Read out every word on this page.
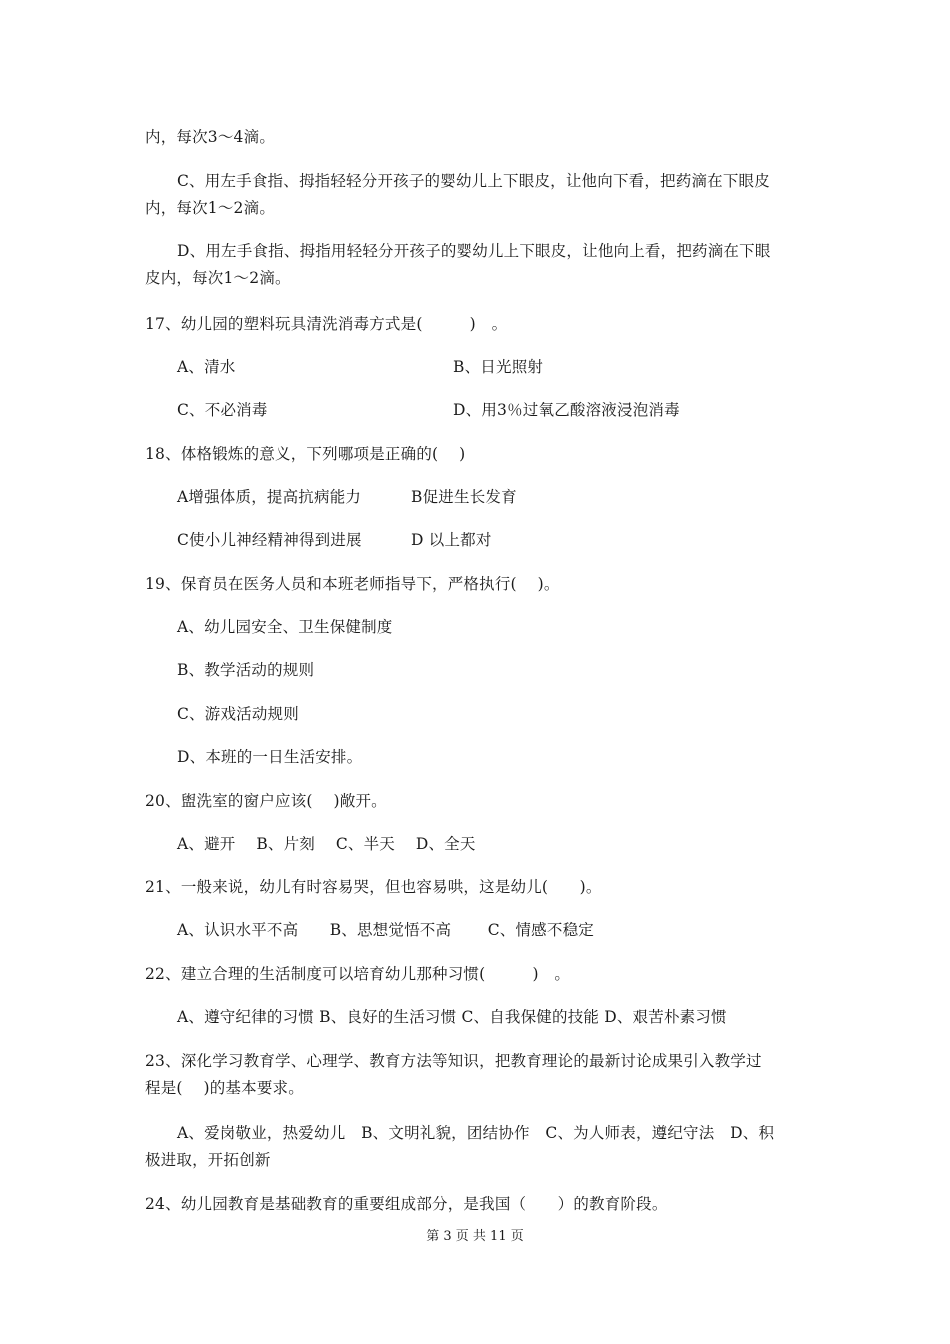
内，每次3～4滴。
C、用左手食指、拇指轻轻分开孩子的婴幼儿上下眼皮，让他向下看，把药滴在下眼皮
内，每次1～2滴。
D、用左手食指、拇指用轻轻分开孩子的婴幼儿上下眼皮，让他向上看，把药滴在下眼
皮内，每次1～2滴。
17、幼儿园的塑料玩具清洗消毒方式是(　　　)　。
A、清水	B、日光照射
C、不必消毒	D、用3％过氧乙酸溶液浸泡消毒
18、体格锻炼的意义，下列哪项是正确的(　 )
A增强体质，提高抗病能力	B促进生长发育
C使小儿神经精神得到进展	D 以上都对
19、保育员在医务人员和本班老师指导下，严格执行(　 )。
A、幼儿园安全、卫生保健制度
B、教学活动的规则
C、游戏活动规则
D、本班的一日生活安排。
20、盥洗室的窗户应该(　 )敞开。
A、避开　 B、片刻　 C、半天　 D、全天
21、一般来说，幼儿有时容易哭，但也容易哄，这是幼儿(　　)。
A、认识水平不高　　B、思想觉悟不高　　 C、情感不稳定
22、建立合理的生活制度可以培育幼儿那种习惯(　　　)　。
A、遵守纪律的习惯 B、良好的生活习惯 C、自我保健的技能 D、艰苦朴素习惯
23、深化学习教育学、心理学、教育方法等知识，把教育理论的最新讨论成果引入教学过
程是(　 )的基本要求。
A、爱岗敬业，热爱幼儿　B、文明礼貌，团结协作　C、为人师表，遵纪守法　D、积
极进取，开拓创新
24、幼儿园教育是基础教育的重要组成部分，是我国（　　）的教育阶段。
第 3 页 共 11 页
